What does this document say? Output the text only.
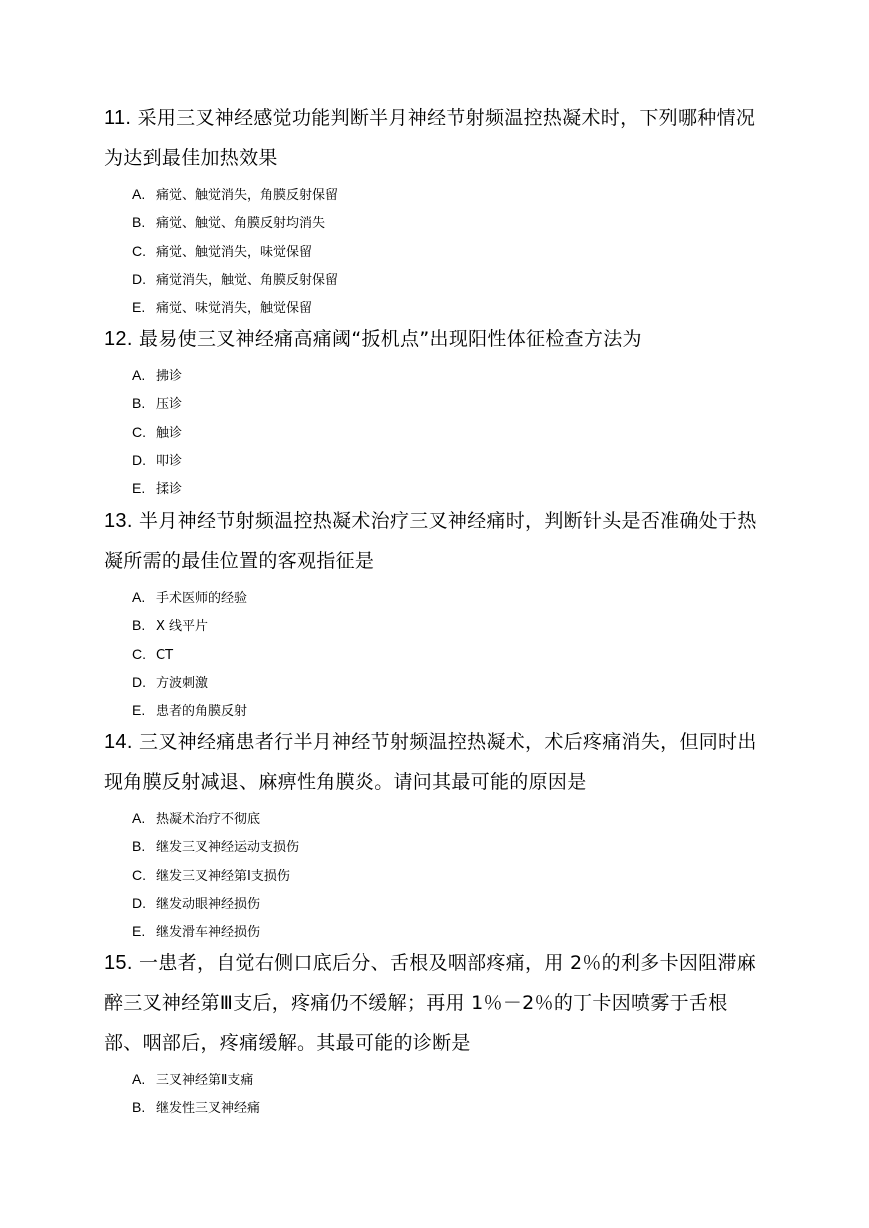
11. 采用三叉神经感觉功能判断半月神经节射频温控热凝术时，下列哪种情况为达到最佳加热效果

A. 痛觉、触觉消失，角膜反射保留
B. 痛觉、触觉、角膜反射均消失
C. 痛觉、触觉消失，味觉保留
D. 痛觉消失，触觉、角膜反射保留
E. 痛觉、味觉消失，触觉保留

12. 最易使三叉神经痛高痛阈“扳机点”出现阳性体征检查方法为

A. 拂诊
B. 压诊
C. 触诊
D. 叩诊
E. 揉诊

13. 半月神经节射频温控热凝术治疗三叉神经痛时，判断针头是否准确处于热凝所需的最佳位置的客观指征是

A. 手术医师的经验
B. X 线平片
C. CT
D. 方波刺激
E. 患者的角膜反射

14. 三叉神经痛患者行半月神经节射频温控热凝术，术后疼痛消失，但同时出现角膜反射减退、麻痹性角膜炎。请问其最可能的原因是

A. 热凝术治疗不彻底
B. 继发三叉神经运动支损伤
C. 继发三叉神经第Ⅰ支损伤
D. 继发动眼神经损伤
E. 继发滑车神经损伤

15. 一患者，自觉右侧口底后分、舌根及咽部疼痛，用 2％的利多卡因阻滞麻醉三叉神经第Ⅲ支后，疼痛仍不缓解；再用 1％－2％的丁卡因喷雾于舌根部、咽部后，疼痛缓解。其最可能的诊断是

A. 三叉神经第Ⅱ支痛
B. 继发性三叉神经痛
